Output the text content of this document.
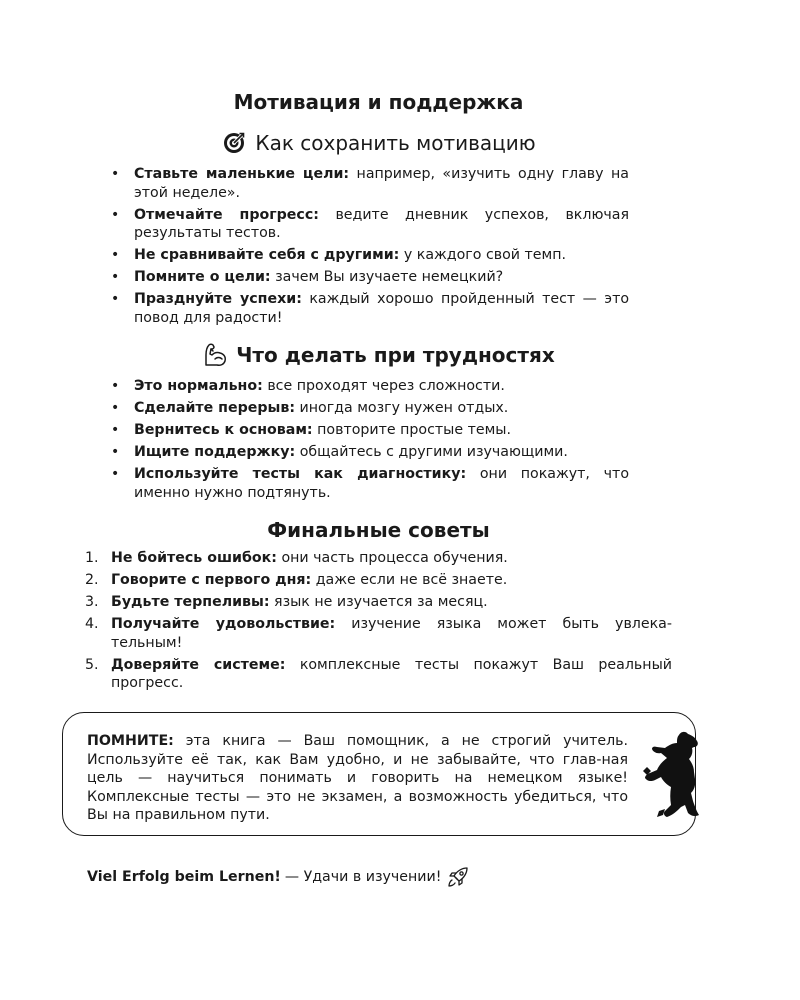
Мотивация и поддержка
Как сохранить мотивацию
• Ставьте маленькие цели: например, «изучить одну главу на этой неделе».
• Отмечайте прогресс: ведите дневник успехов, включая результаты тестов.
• Не сравнивайте себя с другими: у каждого свой темп.
• Помните о цели: зачем Вы изучаете немецкий?
• Празднуйте успехи: каждый хорошо пройденный тест — это повод для радости!
Что делать при трудностях
• Это нормально: все проходят через сложности.
• Сделайте перерыв: иногда мозгу нужен отдых.
• Вернитесь к основам: повторите простые темы.
• Ищите поддержку: общайтесь с другими изучающими.
• Используйте тесты как диагностику: они покажут, что именно нужно подтянуть.
Финальные советы
1. Не бойтесь ошибок: они часть процесса обучения.
2. Говорите с первого дня: даже если не всё знаете.
3. Будьте терпеливы: язык не изучается за месяц.
4. Получайте удовольствие: изучение языка может быть увлека-тельным!
5. Доверяйте системе: комплексные тесты покажут Ваш реальный прогресс.

ПОМНИТЕ: эта книга — Ваш помощник, а не строгий учитель. Используйте её так, как Вам удобно, и не забывайте, что глав-ная цель — научиться понимать и говорить на немецком языке! Комплексные тесты — это не экзамен, а возможность убедиться, что Вы на правильном пути.

Viel Erfolg beim Lernen! — Удачи в изучении!
